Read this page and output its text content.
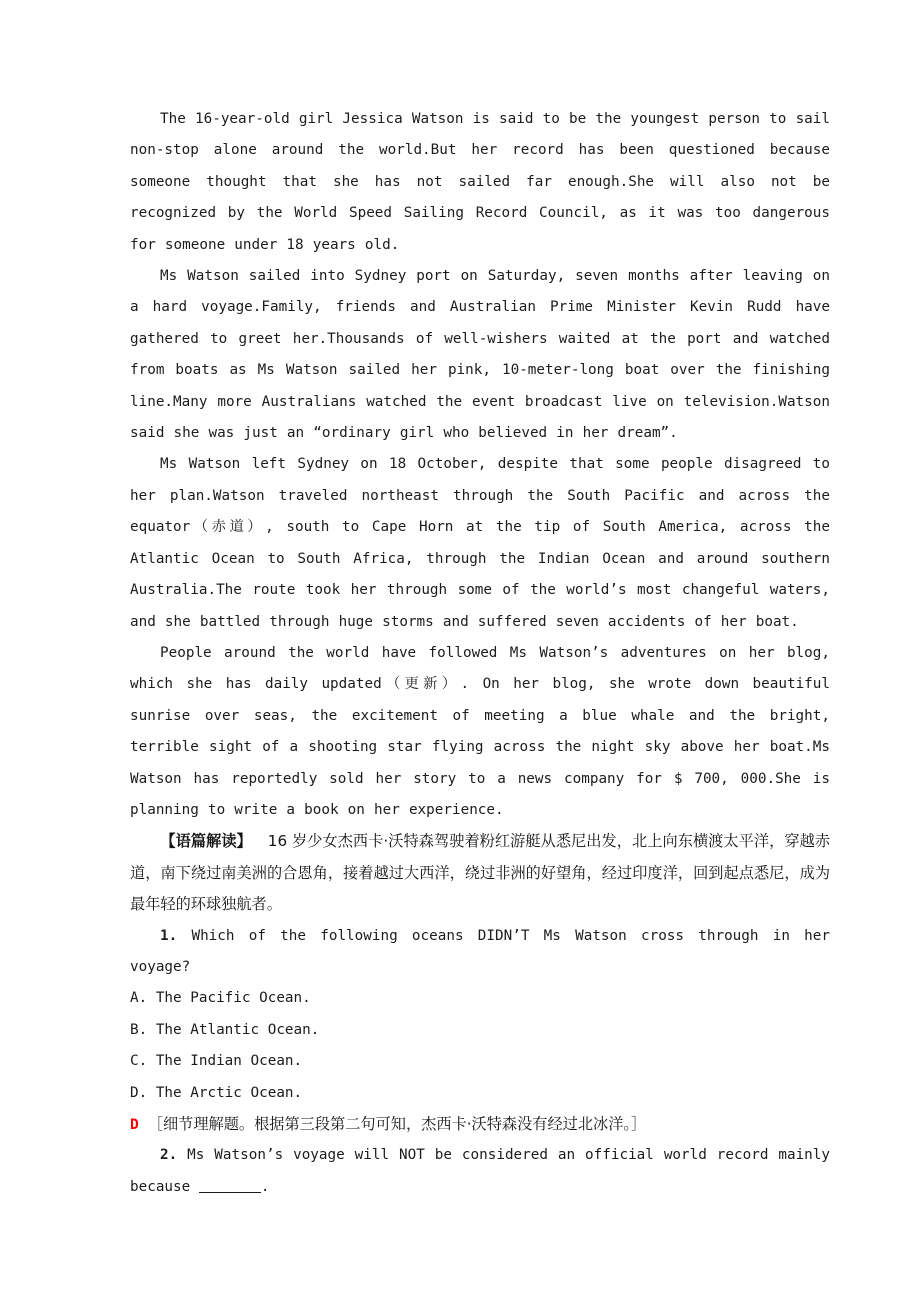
The 16-year-old girl Jessica Watson is said to be the youngest person to sail non-stop alone around the world.But her record has been questioned because someone thought that she has not sailed far enough.She will also not be recognized by the World Speed Sailing Record Council, as it was too dangerous for someone under 18 years old.

Ms Watson sailed into Sydney port on Saturday, seven months after leaving on a hard voyage.Family, friends and Australian Prime Minister Kevin Rudd have gathered to greet her.Thousands of well-wishers waited at the port and watched from boats as Ms Watson sailed her pink, 10-meter-long boat over the finishing line.Many more Australians watched the event broadcast live on television.Watson said she was just an “ordinary girl who believed in her dream”.

Ms Watson left Sydney on 18 October, despite that some people disagreed to her plan.Watson traveled northeast through the South Pacific and across the equator（赤道）, south to Cape Horn at the tip of South America, across the Atlantic Ocean to South Africa, through the Indian Ocean and around southern Australia.The route took her through some of the world’s most changeful waters, and she battled through huge storms and suffered seven accidents of her boat.

People around the world have followed Ms Watson’s adventures on her blog, which she has daily updated（更新）. On her blog, she wrote down beautiful sunrise over seas, the excitement of meeting a blue whale and the bright, terrible sight of a shooting star flying across the night sky above her boat.Ms Watson has reportedly sold her story to a news company for $ 700, 000.She is planning to write a book on her experience.

【语篇解读】 16 岁少女杰西卡·沃特森驾驶着粉红游艇从悉尼出发，北上向东横渡太平洋，穿越赤道，南下绕过南美洲的合恩角，接着越过大西洋，绕过非洲的好望角，经过印度洋，回到起点悉尼，成为最年轻的环球独航者。

1. Which of the following oceans DIDN’T Ms Watson cross through in her voyage?

A. The Pacific Ocean.

B. The Atlantic Ocean.

C. The Indian Ocean.

D. The Arctic Ocean.

D ［细节理解题。根据第三段第二句可知，杰西卡·沃特森没有经过北冰洋。］

2. Ms Watson’s voyage will NOT be considered an official world record mainly because	.
